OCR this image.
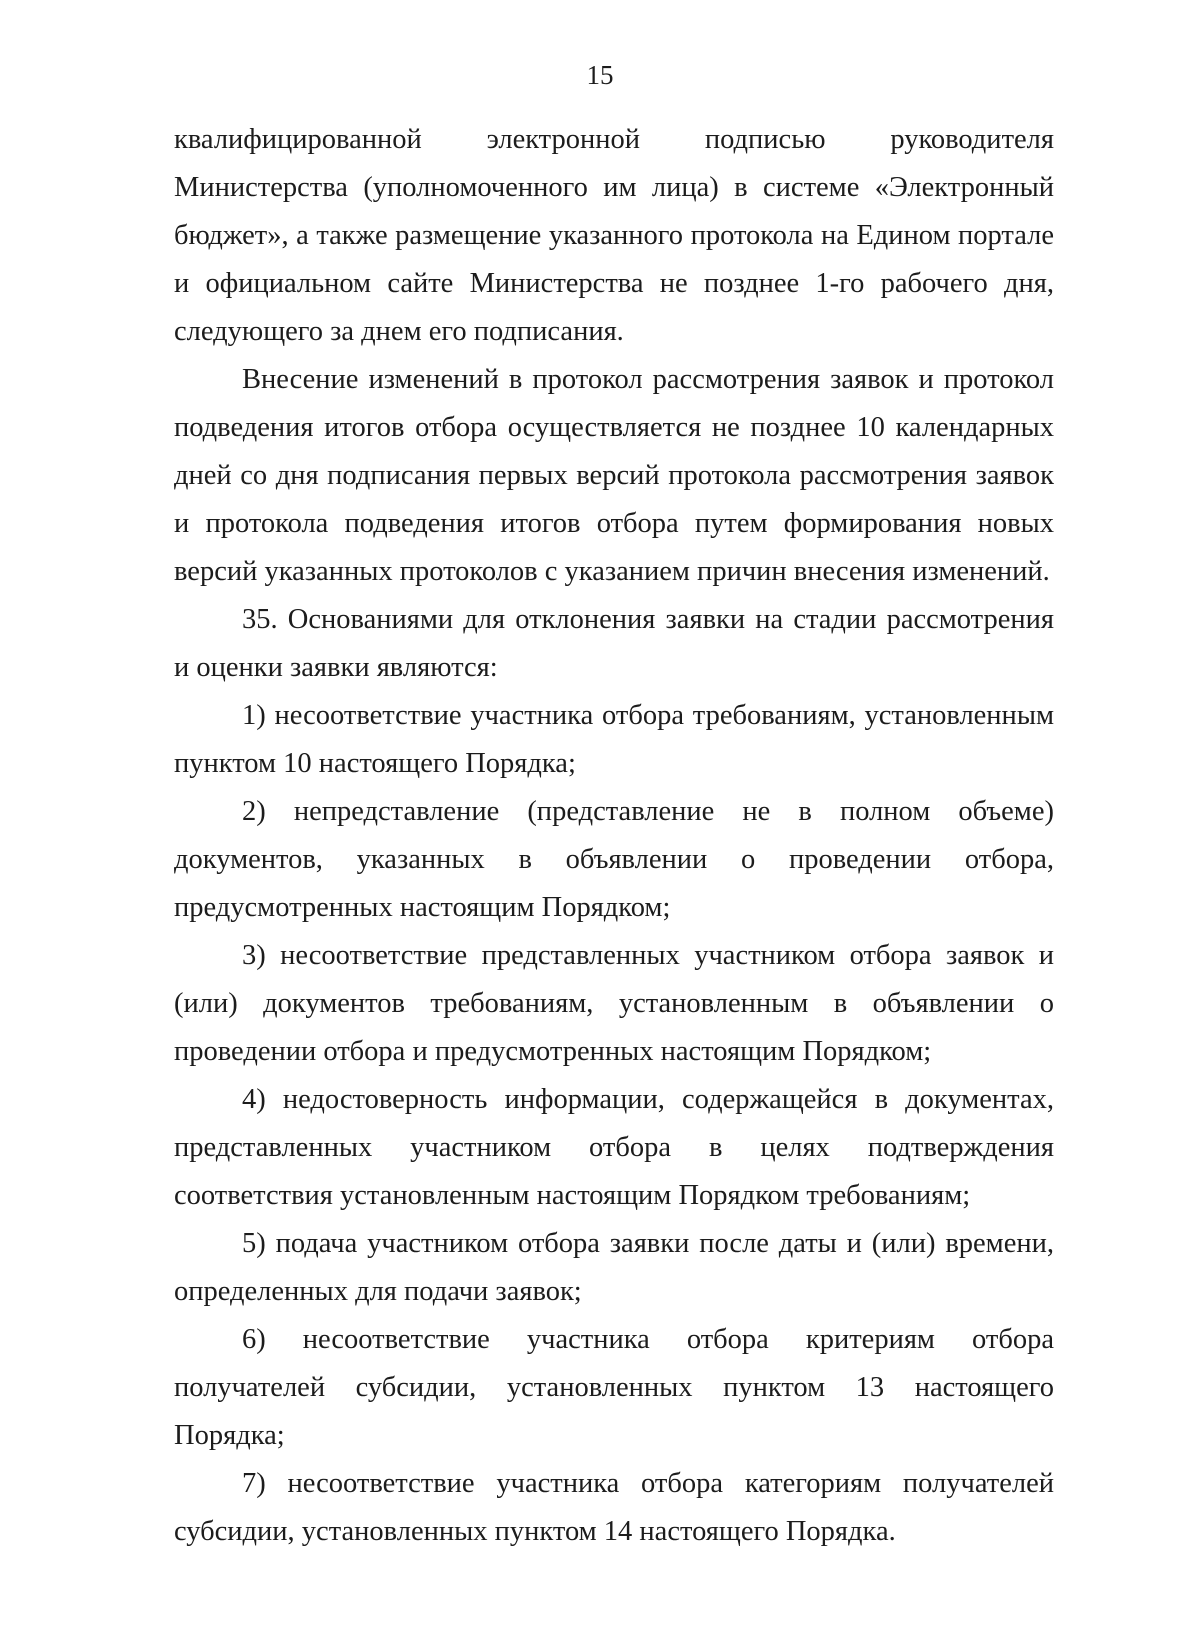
15

квалифицированной электронной подписью руководителя Министерства (уполномоченного им лица) в системе «Электронный бюджет», а также размещение указанного протокола на Едином портале и официальном сайте Министерства не позднее 1-го рабочего дня, следующего за днем его подписания.

Внесение изменений в протокол рассмотрения заявок и протокол подведения итогов отбора осуществляется не позднее 10 календарных дней со дня подписания первых версий протокола рассмотрения заявок и протокола подведения итогов отбора путем формирования новых версий указанных протоколов с указанием причин внесения изменений.

35. Основаниями для отклонения заявки на стадии рассмотрения и оценки заявки являются:

1) несоответствие участника отбора требованиям, установленным пунктом 10 настоящего Порядка;

2) непредставление (представление не в полном объеме) документов, указанных в объявлении о проведении отбора, предусмотренных настоящим Порядком;

3) несоответствие представленных участником отбора заявок и (или) документов требованиям, установленным в объявлении о проведении отбора и предусмотренных настоящим Порядком;

4) недостоверность информации, содержащейся в документах, представленных участником отбора в целях подтверждения соответствия установленным настоящим Порядком требованиям;

5) подача участником отбора заявки после даты и (или) времени, определенных для подачи заявок;

6) несоответствие участника отбора критериям отбора получателей субсидии, установленных пунктом 13 настоящего Порядка;

7) несоответствие участника отбора категориям получателей субсидии, установленных пунктом 14 настоящего Порядка.
